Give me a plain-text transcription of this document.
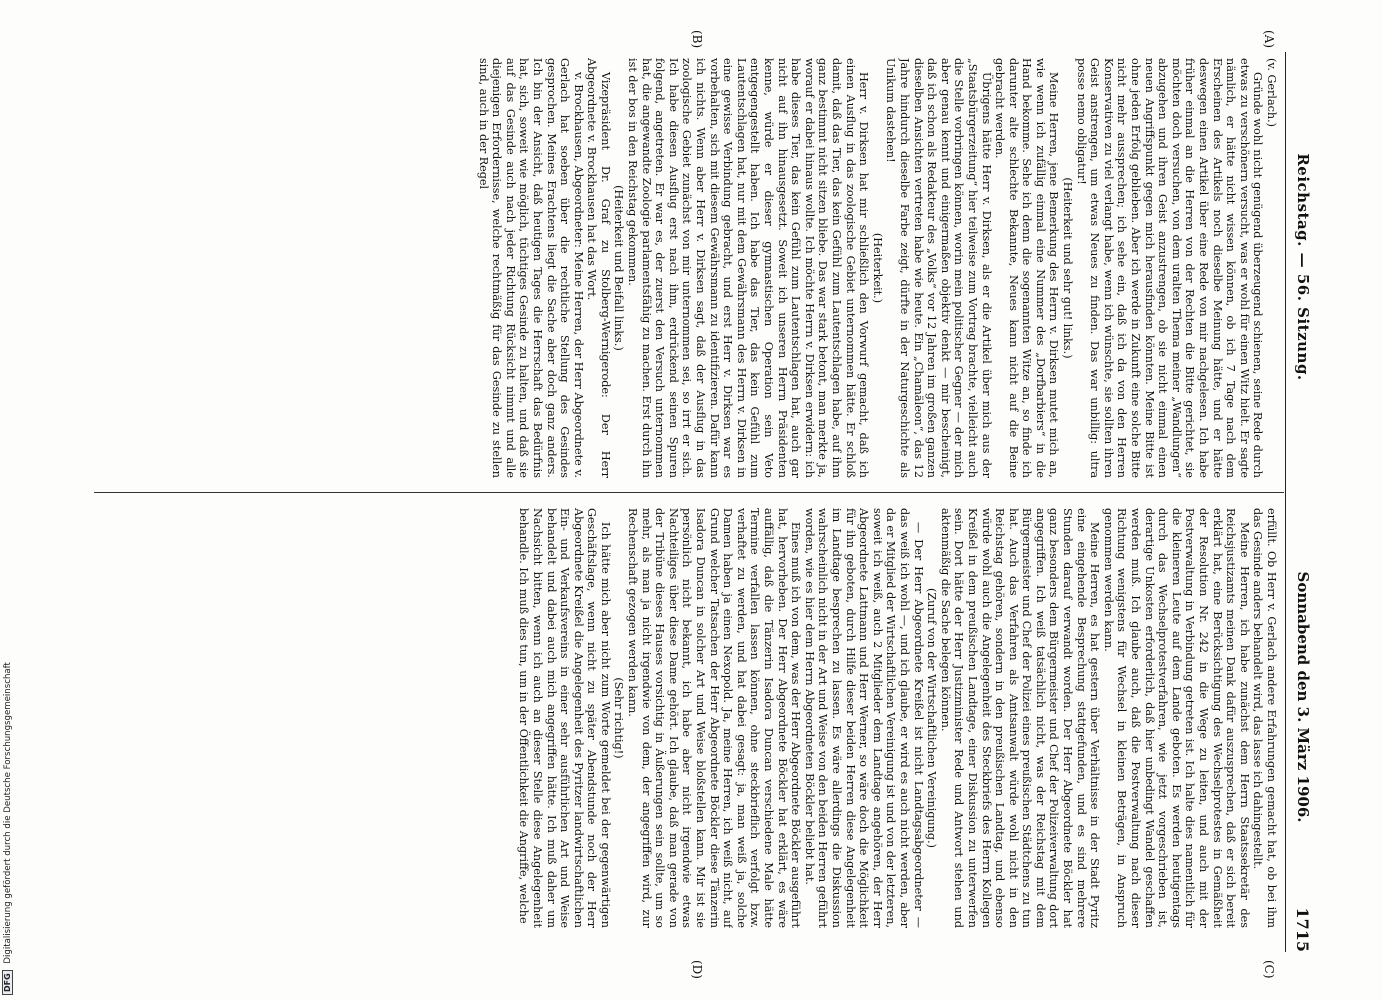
DFG Digitalisierung gefördert durch die Deutsche Forschungsgemeinschaft
Reichstag. — 56. Sitzung.
Sonnabend den 3. März 1906.
1715
(A)
(B)
(C)
(D)

(v. Gerlach.)

Gründe wohl nicht genügend überzeugend schienen, seine Rede durch etwas zu verschönern versucht, was er wohl für einen Witz hielt. Er sagte nämlich, er hätte nicht wissen können, ob ich 7 Tage nach dem Erscheinen des Artikels noch dieselbe Meinung hätte, und er hätte deswegen einen Artikel über eine Rede von mir nachgelesen. Ich habe früher einmal an die Herren von der Rechten die Bitte gerichtet, sie möchten doch versuchen, von dem uralten Thema meiner „Wandlungen“ abzugehen und ihren Geist anzustrengen, ob sie nicht einmal einen neuen Angriffspunkt gegen mich herausfinden könnten. Meine Bitte ist ohne jeden Erfolg geblieben. Aber ich werde in Zukunft eine solche Bitte nicht mehr aussprechen; ich sehe ein, daß ich da von den Herren Konservativen zu viel verlangt habe, wenn ich wünschte, sie sollten ihren Geist anstrengen, um etwas Neues zu finden. Das war unbillig: ultra posse nemo obligatur!

(Heiterkeit und sehr gut! links.)

Meine Herren, jene Bemerkung des Herrn v. Dirksen mutet mich an, wie wenn ich zufällig einmal eine Nummer des „Dorfbarbiers“ in die Hand bekomme. Sehe ich denn die sogenannten Witze an, so finde ich darunter alte schlechte Bekannte, Neues kann nicht auf die Beine gebracht werden.

Übrigens hätte Herr v. Dirksen, als er die Artikel über mich aus der „Staatsbürgerzeitung“ hier teilweise zum Vortrag brachte, vielleicht auch die Stelle vorbringen können, worin mein politischer Gegner — der mich aber genau kennt und einigermaßen objektiv denkt — mir bescheinigt, daß ich schon als Redakteur des „Volks“ vor 12 Jahren im großen ganzen dieselben Ansichten vertreten habe wie heute. Ein „Chamäleon“, das 12 Jahre hindurch dieselbe Farbe zeigt, dürfte in der Naturgeschichte als Unikum dastehen!

(Heiterkeit.)

Herr v. Dirksen hat mir schließlich den Vorwurf gemacht, daß ich einen Ausflug in das zoologische Gebiet unternommen hätte. Er schloß damit, daß das Tier, das kein Gefühl zum Lautentschlagen habe, auf ihm ganz bestimmt nicht sitzen bliebe. Das war stark betont, man merkte ja, worauf er dabei hinaus wollte. Ich möchte Herrn v. Dirksen erwidern: ich habe dieses Tier, das kein Gefühl zum Lautentschlagen hat, auch gar nicht auf ihn hinausgesetzt. Soweit ich unseren Herrn Präsidenten kenne, würde er dieser gymnastischen Operation sein Veto entgegengestellt haben. Ich habe das Tier, das kein Gefühl zum Lautentschlagen hat, nur mit dem Gewährsmann des Herrn v. Dirksen in eine gewisse Verbindung gebracht, und erst Herr v. Dirksen war es vorbehalten, sich mit diesem Gewährsmann zu identifizieren. Dafür kann ich nichts. Wenn aber Herr v. Dirksen sagt, daß der Ausflug in das zoologische Gebiet zunächst von mir unternommen sei, so irrt er sich. Ich habe diesen Ausflug erst nach ihm, erdrückend seinen Spuren folgend, angetreten. Er war es, der zuerst den Versuch unternommen hat, die angewandte Zoologie parlamentsfähig zu machen. Erst durch ihn ist der bos in den Reichstag gekommen.

(Heiterkeit und Beifall links.)

Vizepräsident Dr. Graf zu Stolberg-Wernigerode: Der Herr Abgeordnete v. Brockhausen hat das Wort.

v. Brockhausen, Abgeordneter: Meine Herren, der Herr Abgeordnete v. Gerlach hat soeben über die rechtliche Stellung des Gesindes gesprochen. Meines Erachtens liegt die Sache aber doch ganz anders. Ich bin der Ansicht, daß heutigen Tages die Herrschaft das Bedürfnis hat, sich, soweit wie möglich, tüchtiges Gesinde zu halten, und daß sie auf das Gesinde auch nach jeder Richtung Rücksicht nimmt und alle diejenigen Erfordernisse, welche rechtmäßig für das Gesinde zu stellen sind, auch in der Regel

erfüllt. Ob Herr v. Gerlach andere Erfahrungen gemacht hat, ob bei ihm das Gesinde anders behandelt wird, das lasse ich dahingestellt.

Meine Herren, ich habe zunächst dem Herrn Staatssekretär des Reichsjustizamts meinen Dank dafür auszusprechen, daß er sich bereit erklärt hat, eine Berücksichtigung des Wechselprotestes in Gemäßheit der Resolution Nr. 242 in die Wege zu leiten, und auch mit der Postverwaltung in Verbindung getreten ist. Ich halte dies namentlich für die kleineren Leute auf dem Lande geboten. Es werden heutigentags durch das Wechselprotestverfahren, wie jetzt vorgeschrieben ist, derartige Unkosten erforderlich, daß hier unbedingt Wandel geschaffen werden muß. Ich glaube auch, daß die Postverwaltung nach dieser Richtung wenigstens für Wechsel in kleinen Beträgen, in Anspruch genommen werden kann.

Meine Herren, es hat gestern über Verhältnisse in der Stadt Pyritz eine eingehende Besprechung stattgefunden, und es sind mehrere Stunden darauf verwandt worden. Der Herr Abgeordnete Böckler hat ganz besonders dem Bürgermeister und Chef der Polizeiverwaltung dort angegriffen. Ich weiß tatsächlich nicht, was der Reichstag mit dem Bürgermeister und Chef der Polizei eines preußischen Städtchens zu tun hat. Auch das Verfahren als Amtsanwalt würde wohl nicht in den Reichstag gehören, sondern in den preußischen Landtag, und ebenso würde wohl auch die Angelegenheit des Steckbriefs des Herrn Kollegen Kreißel in dem preußischen Landtage, einer Diskussion zu unterwerfen sein. Dort hätte der Herr Justizminister Rede und Antwort stehen und aktenmäßig die Sache belegen können.

(Zuruf von der Wirtschaftlichen Vereinigung.)

— Der Herr Abgeordnete Kreißel ist nicht Landtagsabgeordneter — das weiß ich wohl —, und ich glaube, er wird es auch nicht werden, aber da er Mitglied der Wirtschaftlichen Vereinigung ist und von der letzteren, soweit ich weiß, auch 2 Mitglieder dem Landtage angehören, der Herr Abgeordnete Lattmann und Herr Werner, so wäre doch die Möglichkeit für ihn geboten, durch Hilfe dieser beiden Herren diese Angelegenheit im Landtage besprechen zu lassen. Es wäre allerdings die Diskussion wahrscheinlich nicht in der Art und Weise von den beiden Herren geführt worden, wie es hier dem Herrn Abgeordneten Böckler beliebt hat.

Eines muß ich von dem, was der Herr Abgeordnete Böckler ausgeführt hat, hervorheben. Der Herr Abgeordnete Böckler hat erklärt, es wäre auffällig, daß die Tänzerin Isadora Duncan verschiedene Male hätte Termine verfallen lassen können, ohne steckbrieflich verfolgt bzw. verhaftet zu werden, und hat dabei gesagt: ja, man weiß ja, solche Damen haben ja einen Nexopold. Ja, meine Herren, ich weiß nicht, auf Grund welcher Tatsachen der Herr Abgeordnete Böckler diese Tänzerin Isadora Duncan in solcher Art und Weise bloßstellen kann. Mir ist sie persönlich nicht bekannt, ich habe aber nicht irgendwie etwas Nachteiliges über diese Dame gehört. Ich glaube, daß man gerade von der Tribüne dieses Hauses vorsichtig in Äußerungen sein sollte, um so mehr, als man ja nicht irgendwie von dem, der angegriffen wird, zur Rechenschaft gezogen werden kann.

(Sehr richtig!)

Ich hätte mich aber nicht zum Worte gemeldet bei der gegenwärtigen Geschäftslage, wenn nicht zu später Abendstunde noch der Herr Abgeordnete Kreißel die Angelegenheit des Pyritzer landwirtschaftlichen Ein- und Verkaufsvereins in einer sehr ausführlichen Art und Weise behandelt und dabei auch mich angegriffen hätte. Ich muß daher um Nachsicht bitten, wenn ich auch an dieser Stelle diese Angelegenheit behandle. Ich muß dies tun, um in der Öffentlichkeit die Angriffe, welche
